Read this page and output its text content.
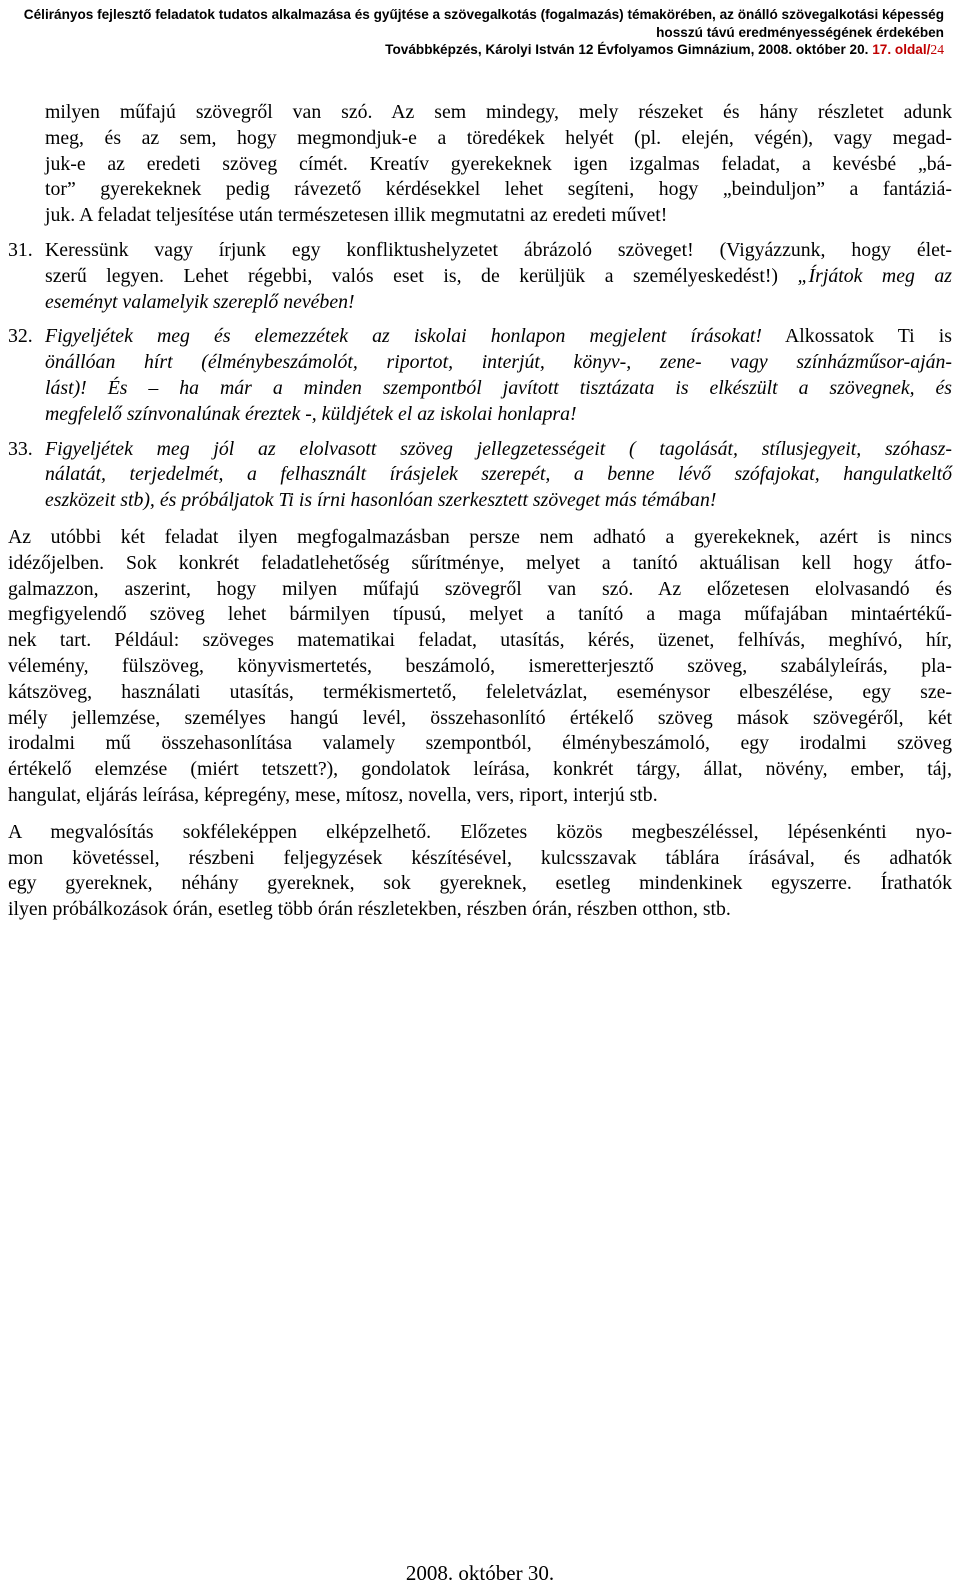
Célirányos fejlesztő feladatok tudatos alkalmazása és gyűjtése a szövegalkotás (fogalmazás) témakörében, az önálló szövegalkotási képesség
hosszú távú eredményességének érdekében
Továbbképzés, Károlyi István 12 Évfolyamos Gimnázium, 2008. október 20. 17. oldal/24
milyen műfajú szövegről van szó. Az sem mindegy, mely részeket és hány részletet adunk
meg, és az sem, hogy megmondjuk-e a töredékek helyét (pl. elején, végén), vagy megad-
juk-e az eredeti szöveg címét. Kreatív gyerekeknek igen izgalmas feladat, a kevésbé „bá-
tor” gyerekeknek pedig rávezető kérdésekkel lehet segíteni, hogy „beinduljon” a fantáziá-
juk. A feladat teljesítése után természetesen illik megmutatni az eredeti művet!
31. Keressünk vagy írjunk egy konfliktushelyzetet ábrázoló szöveget! (Vigyázzunk, hogy élet-
szerű legyen. Lehet régebbi, valós eset is, de kerüljük a személyeskedést!) „Írjátok meg az
eseményt valamelyik szereplő nevében!
32. Figyeljétek meg és elemezzétek az iskolai honlapon megjelent írásokat! Alkossatok Ti is
önállóan hírt (élménybeszámolót, riportot, interjút, könyv-, zene- vagy színházműsor-aján-
lást)! És – ha már a minden szempontból javított tisztázata is elkészült a szövegnek, és
megfelelő színvonalúnak éreztek -, küldjétek el az iskolai honlapra!
33. Figyeljétek meg jól az elolvasott szöveg jellegzetességeit ( tagolását, stílusjegyeit, szóhasz-
nálatát, terjedelmét, a felhasznált írásjelek szerepét, a benne lévő szófajokat, hangulatkeltő
eszközeit stb), és próbáljatok Ti is írni hasonlóan szerkesztett szöveget más témában!
Az utóbbi két feladat ilyen megfogalmazásban persze nem adható a gyerekeknek, azért is nincs
idézőjelben. Sok konkrét feladatlehetőség sűrítménye, melyet a tanító aktuálisan kell hogy átfo-
galmazzon, aszerint, hogy milyen műfajú szövegről van szó. Az előzetesen elolvasandó és
megfigyelendő szöveg lehet bármilyen típusú, melyet a tanító a maga műfajában mintaértékű-
nek tart. Például: szöveges matematikai feladat, utasítás, kérés, üzenet, felhívás, meghívó, hír,
vélemény, fülszöveg, könyvismertetés, beszámoló, ismeretterjesztő szöveg, szabályleírás, pla-
kátszöveg, használati utasítás, termékismertető, feleletvázlat, eseménysor elbeszélése, egy sze-
mély jellemzése, személyes hangú levél, összehasonlító értékelő szöveg mások szövegéről, két
irodalmi mű összehasonlítása valamely szempontból, élménybeszámoló, egy irodalmi szöveg
értékelő elemzése (miért tetszett?), gondolatok leírása, konkrét tárgy, állat, növény, ember, táj,
hangulat, eljárás leírása, képregény, mese, mítosz, novella, vers, riport, interjú stb.
A megvalósítás sokféleképpen elképzelhető. Előzetes közös megbeszéléssel, lépésenkénti nyo-
mon követéssel, részbeni feljegyzések készítésével, kulcsszavak táblára írásával, és adhatók
egy gyereknek, néhány gyereknek, sok gyereknek, esetleg mindenkinek egyszerre. Írathatók
ilyen próbálkozások órán, esetleg több órán részletekben, részben órán, részben otthon, stb.
2008. október 30.
